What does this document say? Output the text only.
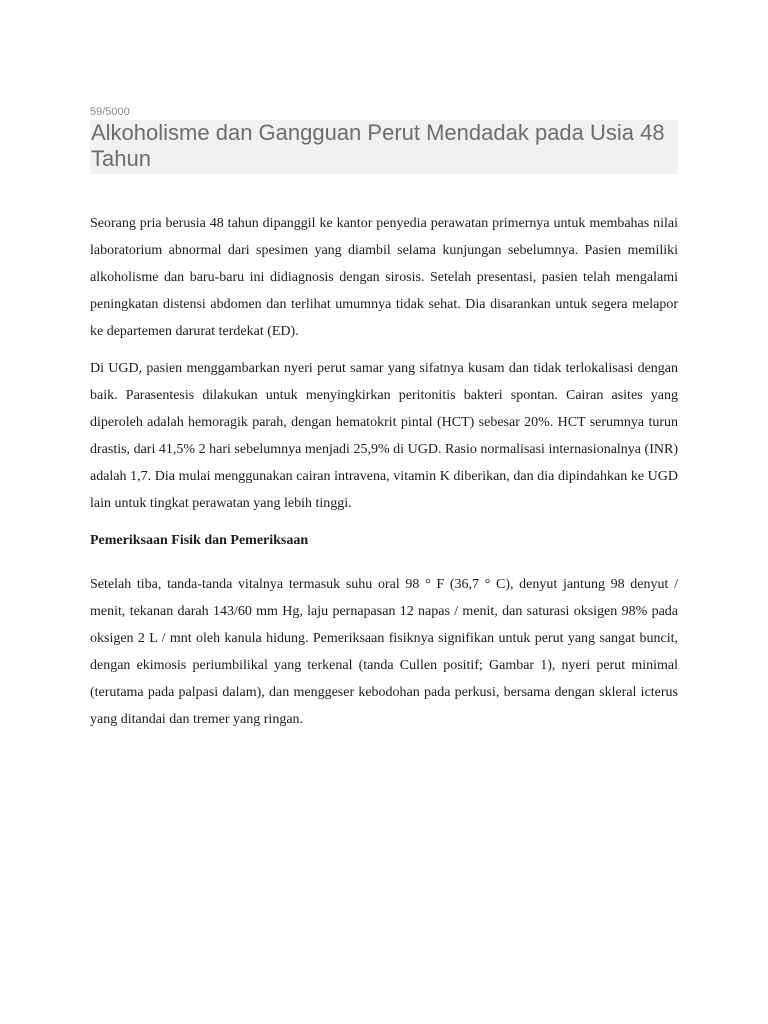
59/5000
Alkoholisme dan Gangguan Perut Mendadak pada Usia 48 Tahun

Seorang pria berusia 48 tahun dipanggil ke kantor penyedia perawatan primernya untuk membahas nilai laboratorium abnormal dari spesimen yang diambil selama kunjungan sebelumnya. Pasien memiliki alkoholisme dan baru-baru ini didiagnosis dengan sirosis. Setelah presentasi, pasien telah mengalami peningkatan distensi abdomen dan terlihat umumnya tidak sehat. Dia disarankan untuk segera melapor ke departemen darurat terdekat (ED).

Di UGD, pasien menggambarkan nyeri perut samar yang sifatnya kusam dan tidak terlokalisasi dengan baik. Parasentesis dilakukan untuk menyingkirkan peritonitis bakteri spontan. Cairan asites yang diperoleh adalah hemoragik parah, dengan hematokrit pintal (HCT) sebesar 20%. HCT serumnya turun drastis, dari 41,5% 2 hari sebelumnya menjadi 25,9% di UGD. Rasio normalisasi internasionalnya (INR) adalah 1,7. Dia mulai menggunakan cairan intravena, vitamin K diberikan, dan dia dipindahkan ke UGD lain untuk tingkat perawatan yang lebih tinggi.

Pemeriksaan Fisik dan Pemeriksaan

Setelah tiba, tanda-tanda vitalnya termasuk suhu oral 98 ° F (36,7 ° C), denyut jantung 98 denyut / menit, tekanan darah 143/60 mm Hg, laju pernapasan 12 napas / menit, dan saturasi oksigen 98% pada oksigen 2 L / mnt oleh kanula hidung. Pemeriksaan fisiknya signifikan untuk perut yang sangat buncit, dengan ekimosis periumbilikal yang terkenal (tanda Cullen positif; Gambar 1), nyeri perut minimal (terutama pada palpasi dalam), dan menggeser kebodohan pada perkusi, bersama dengan skleral icterus yang ditandai dan tremer yang ringan.
